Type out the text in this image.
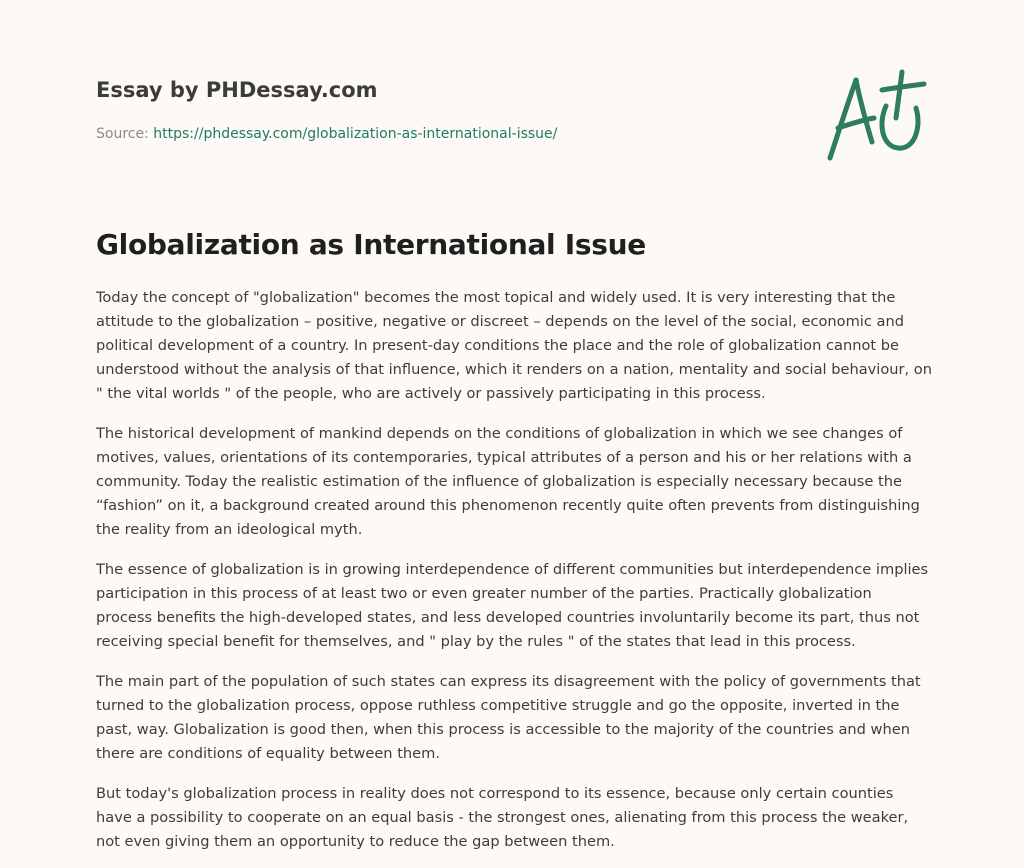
Essay by PHDessay.com
Source: https://phdessay.com/globalization-as-international-issue/
Globalization as International Issue

Today the concept of "globalization" becomes the most topical and widely used. It is very interesting that the attitude to the globalization – positive, negative or discreet – depends on the level of the social, economic and political development of a country. In present-day conditions the place and the role of globalization cannot be understood without the analysis of that influence, which it renders on a nation, mentality and social behaviour, on " the vital worlds " of the people, who are actively or passively participating in this process.

The historical development of mankind depends on the conditions of globalization in which we see changes of motives, values, orientations of its contemporaries, typical attributes of a person and his or her relations with a community. Today the realistic estimation of the influence of globalization is especially necessary because the “fashion” on it, a background created around this phenomenon recently quite often prevents from distinguishing the reality from an ideological myth.

The essence of globalization is in growing interdependence of different communities but interdependence implies participation in this process of at least two or even greater number of the parties. Practically globalization process benefits the high-developed states, and less developed countries involuntarily become its part, thus not receiving special benefit for themselves, and " play by the rules " of the states that lead in this process.

The main part of the population of such states can express its disagreement with the policy of governments that turned to the globalization process, oppose ruthless competitive struggle and go the opposite, inverted in the past, way. Globalization is good then, when this process is accessible to the majority of the countries and when there are conditions of equality between them.

But today's globalization process in reality does not correspond to its essence, because only certain counties have a possibility to cooperate on an equal basis - the strongest ones, alienating from this process the weaker, not even giving them an opportunity to reduce the gap between them.
